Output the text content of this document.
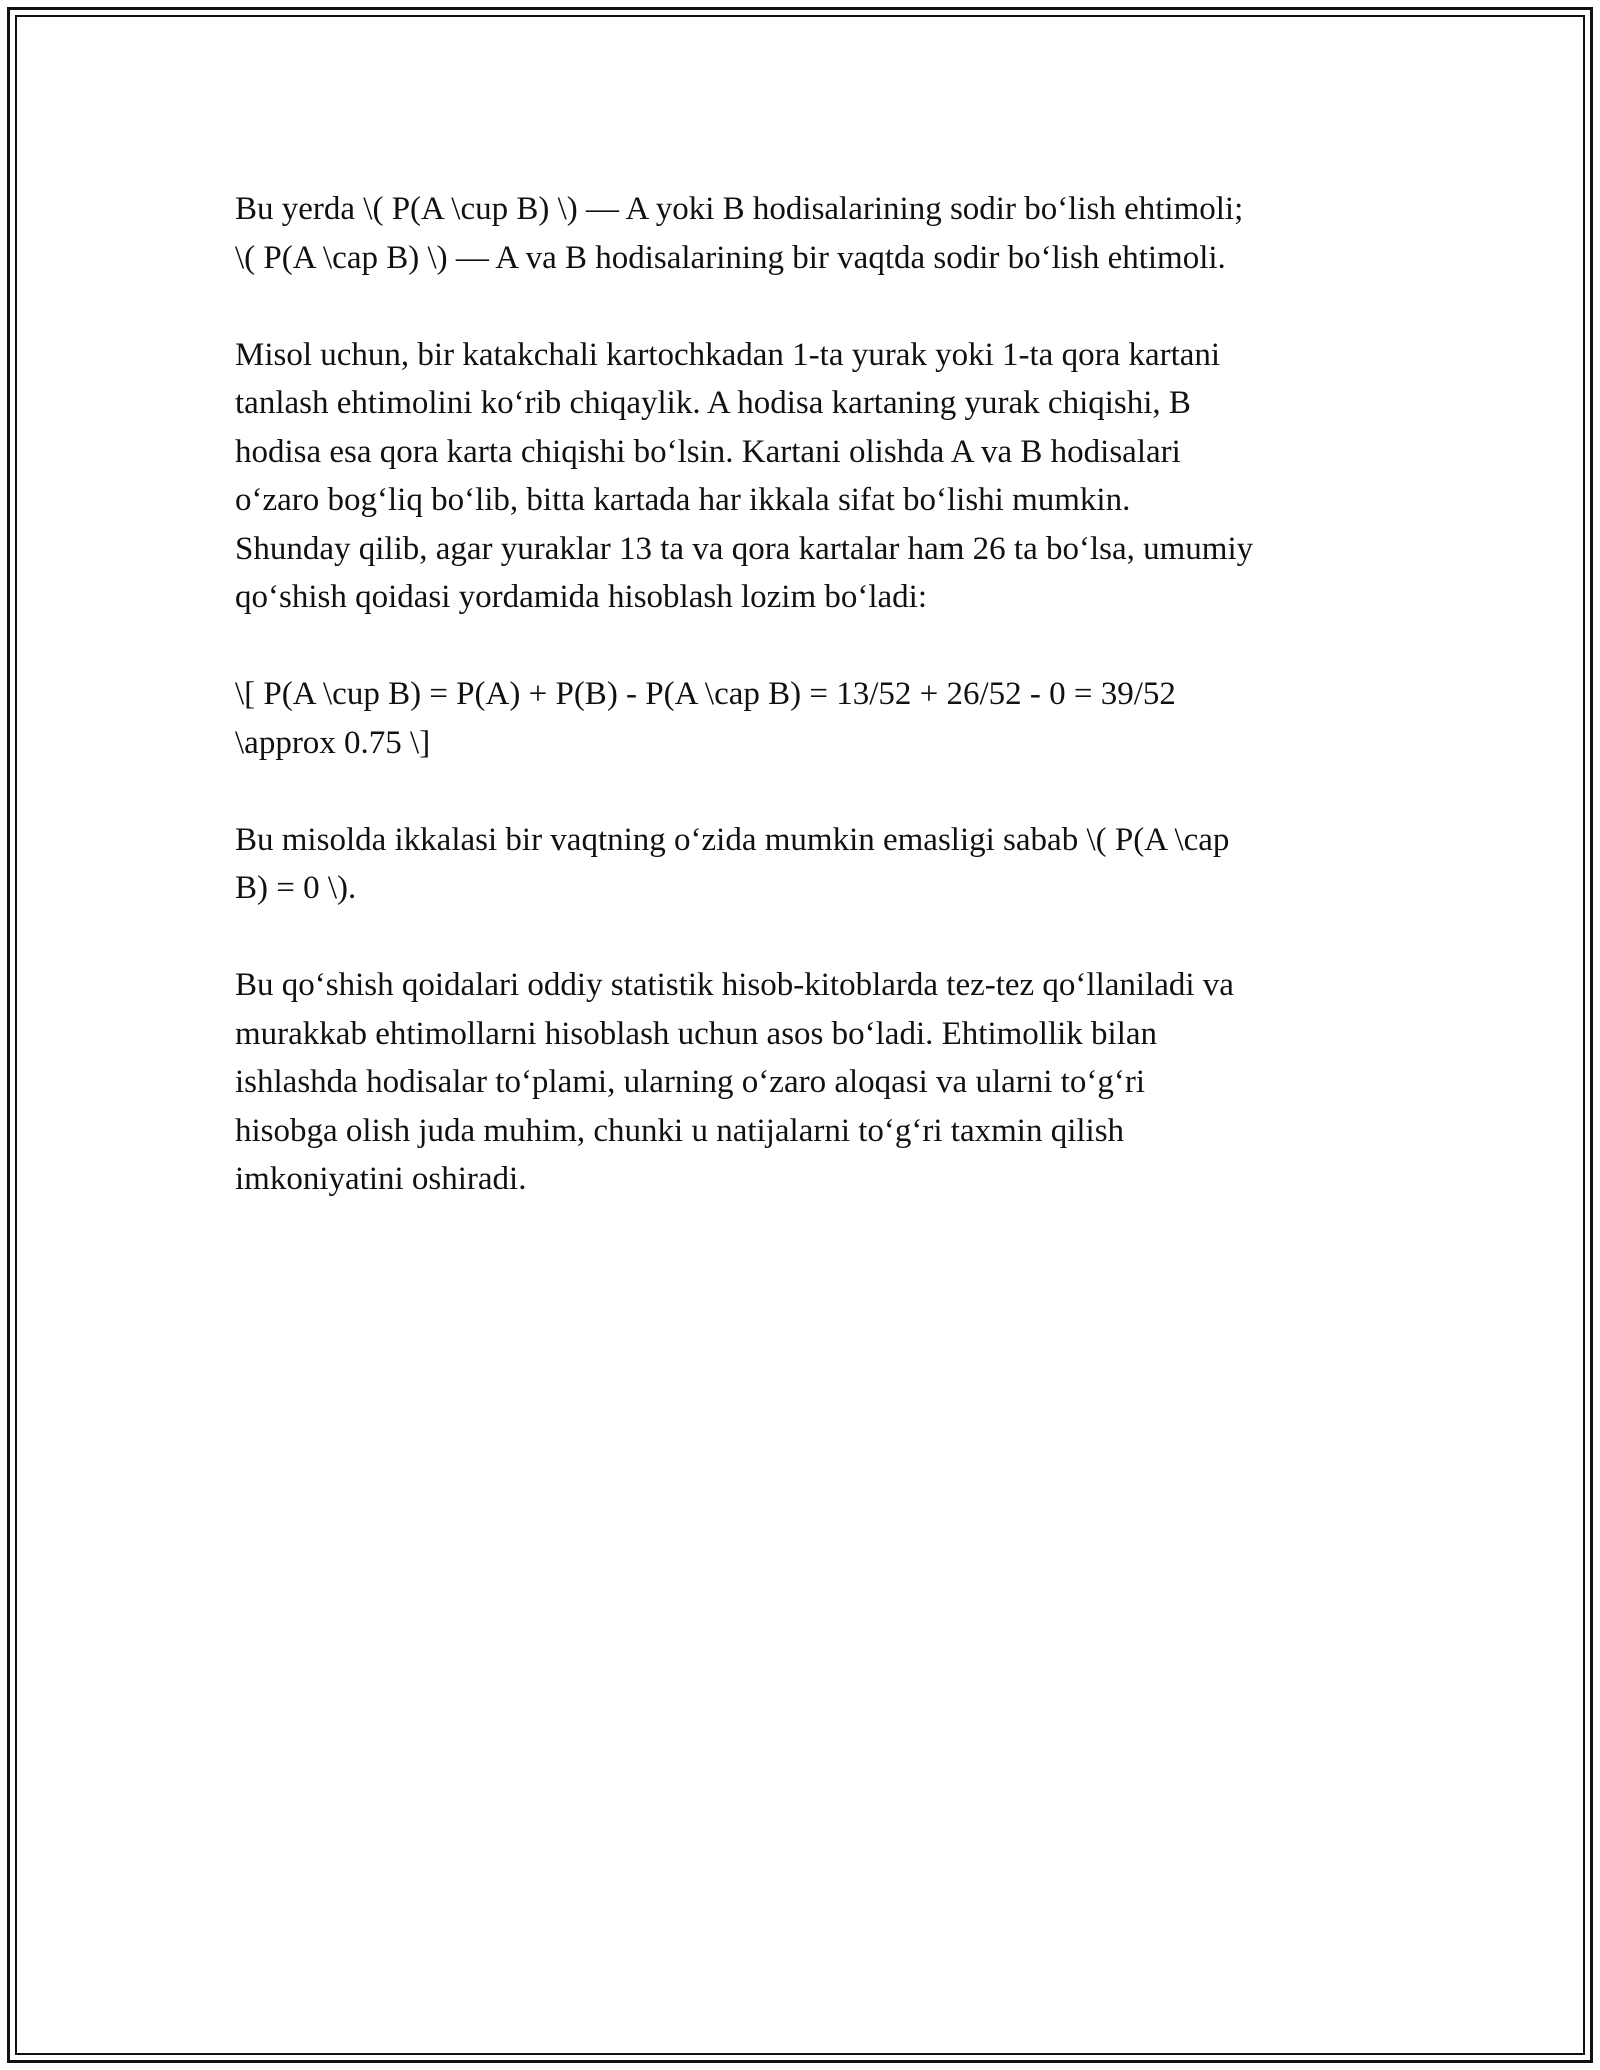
Bu yerda \( P(A \cup B) \) — A yoki B hodisalarining sodir bo‘lish ehtimoli;
\( P(A \cap B) \) — A va B hodisalarining bir vaqtda sodir bo‘lish ehtimoli.

Misol uchun, bir katakchali kartochkadan 1-ta yurak yoki 1-ta qora kartani
tanlash ehtimolini ko‘rib chiqaylik. A hodisa kartaning yurak chiqishi, B
hodisa esa qora karta chiqishi bo‘lsin. Kartani olishda A va B hodisalari
o‘zaro bog‘liq bo‘lib, bitta kartada har ikkala sifat bo‘lishi mumkin.
Shunday qilib, agar yuraklar 13 ta va qora kartalar ham 26 ta bo‘lsa, umumiy
qo‘shish qoidasi yordamida hisoblash lozim bo‘ladi:

\[ P(A \cup B) = P(A) + P(B) - P(A \cap B) = 13/52 + 26/52 - 0 = 39/52
\approx 0.75 \]

Bu misolda ikkalasi bir vaqtning o‘zida mumkin emasligi sabab \( P(A \cap
B) = 0 \).

Bu qo‘shish qoidalari oddiy statistik hisob-kitoblarda tez-tez qo‘llaniladi va
murakkab ehtimollarni hisoblash uchun asos bo‘ladi. Ehtimollik bilan
ishlashda hodisalar to‘plami, ularning o‘zaro aloqasi va ularni to‘g‘ri
hisobga olish juda muhim, chunki u natijalarni to‘g‘ri taxmin qilish
imkoniyatini oshiradi.
